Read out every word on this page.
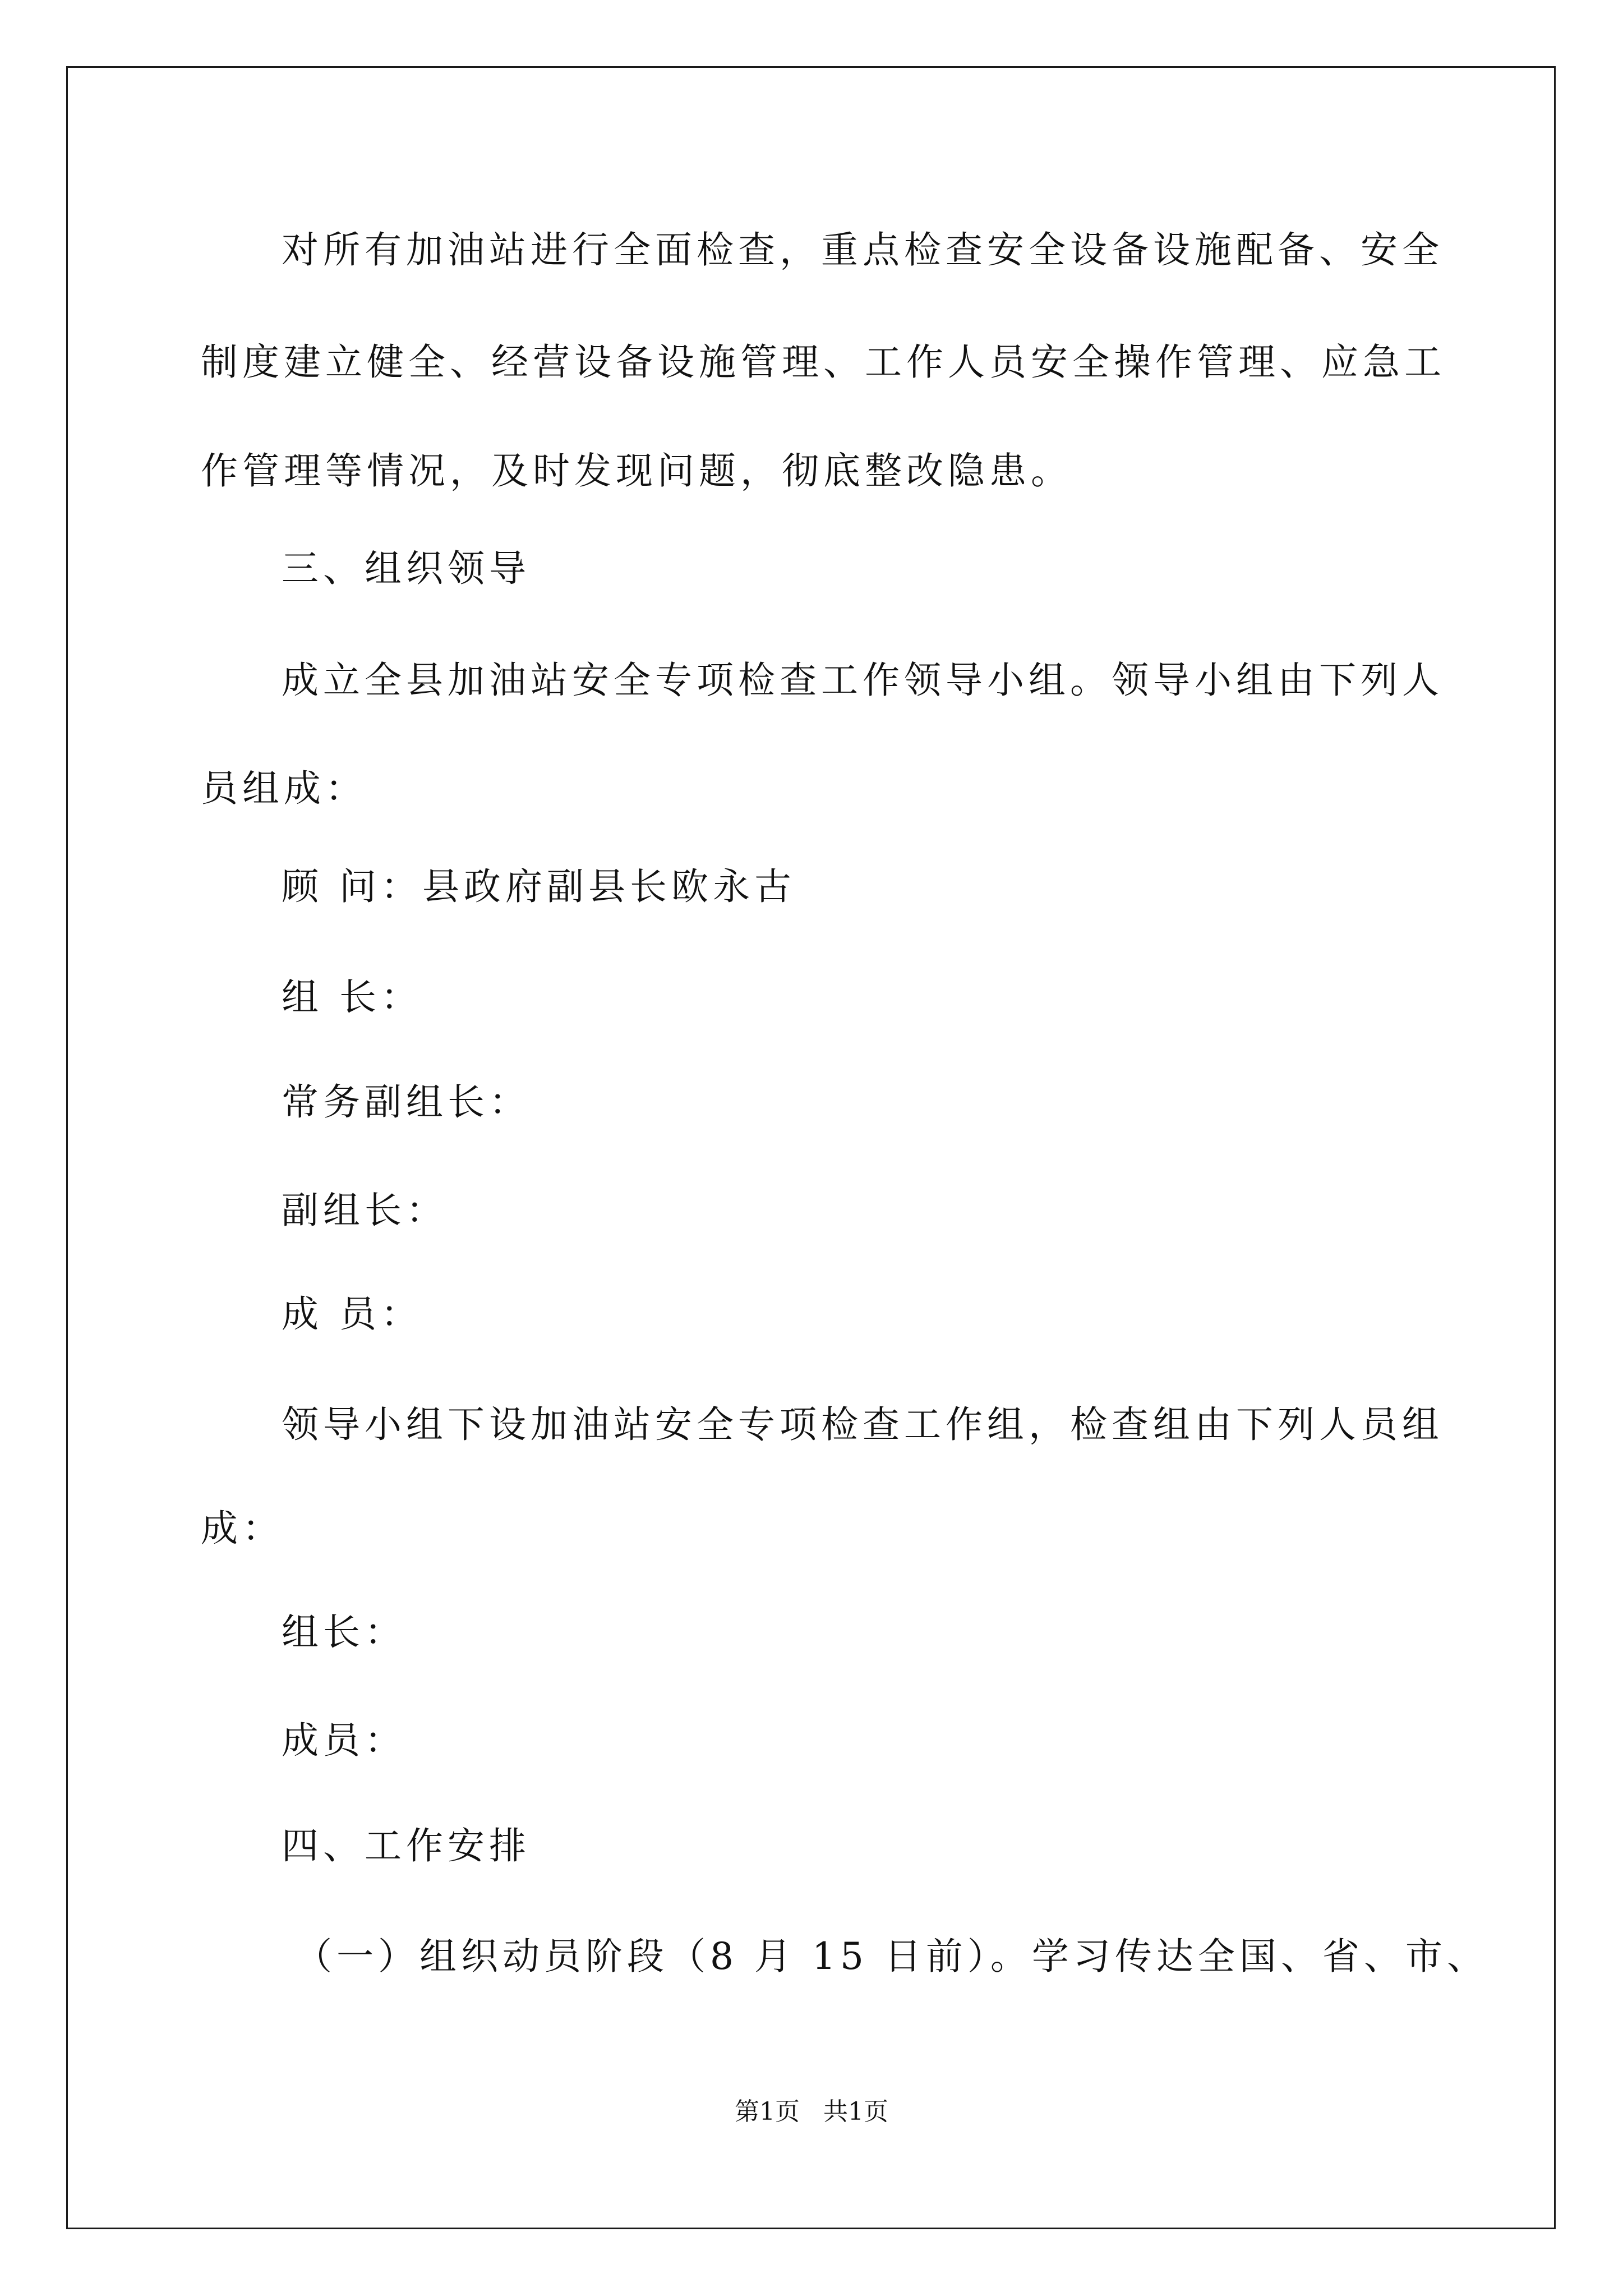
对所有加油站进行全面检查，重点检查安全设备设施配备、安全
制度建立健全、经营设备设施管理、工作人员安全操作管理、应急工
作管理等情况，及时发现问题，彻底整改隐患。
三、组织领导
成立全县加油站安全专项检查工作领导小组。领导小组由下列人
员组成：
顾 问：县政府副县长欧永古
组 长：
常务副组长：
副组长：
成 员：
领导小组下设加油站安全专项检查工作组，检查组由下列人员组
成：
组长：
成员：
四、工作安排
（一）组织动员阶段（8 月 15 日前）。学习传达全国、省、市、
第1页   共1页
